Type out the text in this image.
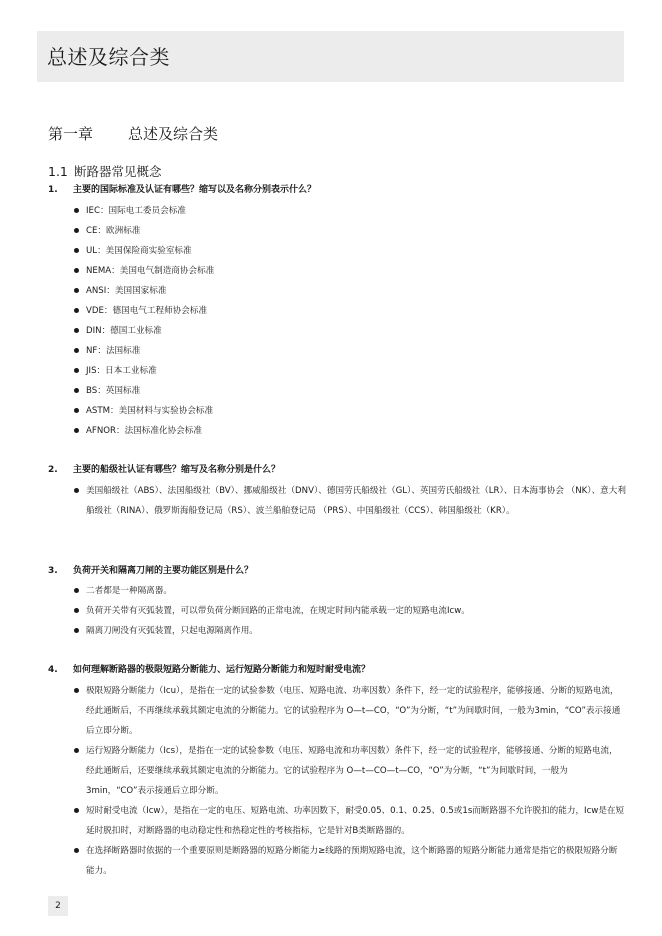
总述及综合类
第一章 总述及综合类
1.1 断路器常见概念
1. 主要的国际标准及认证有哪些？缩写以及名称分别表示什么？
IEC：国际电工委员会标准
CE：欧洲标准
UL：美国保险商实验室标准
NEMA：美国电气制造商协会标准
ANSI：美国国家标准
VDE：德国电气工程师协会标准
DIN：德国工业标准
NF：法国标准
JIS：日本工业标准
BS：英国标准
ASTM：美国材料与实验协会标准
AFNOR：法国标准化协会标准
2. 主要的船级社认证有哪些？缩写及名称分别是什么？
美国船级社（ABS）、法国船级社（BV）、挪威船级社（DNV）、德国劳氏船级社（GL）、英国劳氏船级社（LR）、日本海事协会 （NK）、意大利船级社（RINA）、俄罗斯海船登记局（RS）、波兰船舶登记局 （PRS）、中国船级社（CCS）、韩国船级社（KR）。
3. 负荷开关和隔离刀闸的主要功能区别是什么？
二者都是一种隔离器。
负荷开关带有灭弧装置，可以带负荷分断回路的正常电流，在规定时间内能承载一定的短路电流Icw。
隔离刀闸没有灭弧装置，只起电源隔离作用。
4. 如何理解断路器的极限短路分断能力、运行短路分断能力和短时耐受电流？
极限短路分断能力（Icu），是指在一定的试验参数（电压、短路电流、功率因数）条件下，经一定的试验程序，能够接通、分断的短路电流，经此通断后，不再继续承载其额定电流的分断能力。它的试验程序为 O—t—CO，“O”为分断，“t”为间歇时间，一般为3min，“CO”表示接通后立即分断。
运行短路分断能力（Ics），是指在一定的试验参数（电压、短路电流和功率因数）条件下，经一定的试验程序，能够接通、分断的短路电流，经此通断后，还要继续承载其额定电流的分断能力。它的试验程序为 O—t—CO—t—CO，“O”为分断，“t”为间歇时间，一般为3min，“CO”表示接通后立即分断。
短时耐受电流（Icw），是指在一定的电压、短路电流、功率因数下，耐受0.05、0.1、0.25、0.5或1s而断路器不允许脱扣的能力，Icw是在短延时脱扣时，对断路器的电动稳定性和热稳定性的考核指标，它是针对B类断路器的。
在选择断路器时依据的一个重要原则是断路器的短路分断能力≥线路的预期短路电流，这个断路器的短路分断能力通常是指它的极限短路分断能力。
2
